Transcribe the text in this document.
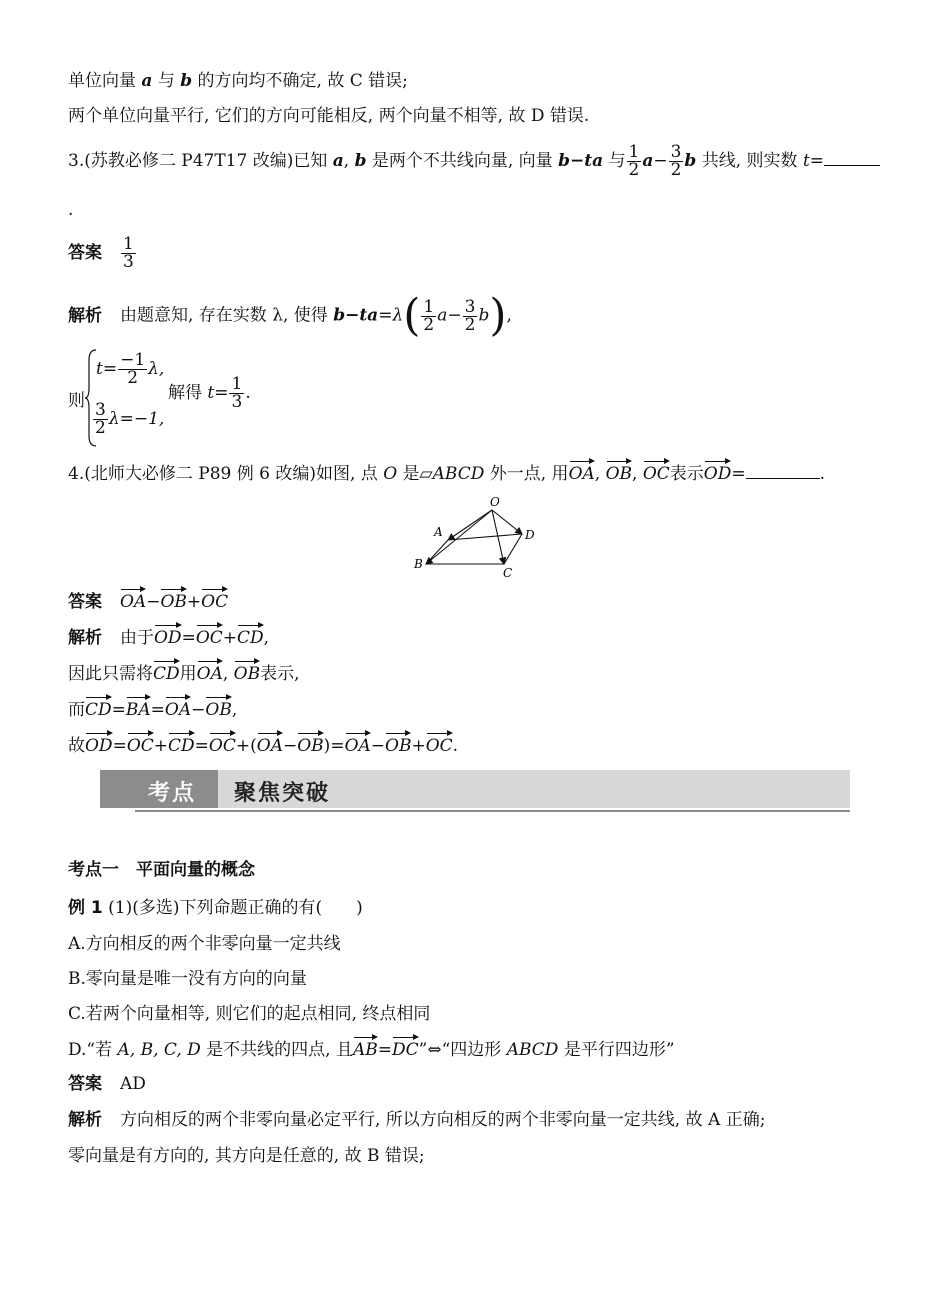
单位向量 a 与 b 的方向均不确定, 故 C 错误;
两个单位向量平行, 它们的方向可能相反, 两个向量不相等, 故 D 错误.
3.(苏教必修二 P47T17 改编)已知 a, b 是两个不共线向量, 向量 b−ta 与 $\frac{1}{2} a- \frac{3}{2}$ b 共线, 则实数 t=
.
答案 $\frac{1}{3}$
解析 由题意知, 存在实数 λ, 使得 $b-ta=\lambda( \frac{1}{2} a- \frac{3}{2} b)$,
则
$t= \frac{-1}{2} \lambda$,
$\frac{3}{2} \lambda=-1$,
解得 $t= \frac{1}{3}$ .
4.(北师大必修二 P89 例 6 改编)如图, 点 O 是▱ABCD 外一点, 用OA, OB, OC表示OD=	.
O
A
B
C
D
答案 OA−OB+OC
解析 由于OD=OC+CD,
因此只需将CD用OA, OB表示,
而CD=BA=OA−OB,
故OD=OC+CD=OC+(OA−OB)=OA−OB+OC.
考点 聚焦突破
考点一　平面向量的概念
例 1 (1)(多选)下列命题正确的有(　　)
A.方向相反的两个非零向量一定共线
B.零向量是唯一没有方向的向量
C.若两个向量相等, 则它们的起点相同, 终点相同
D.“若 A, B, C, D 是不共线的四点, 且AB=DC”⇔“四边形 ABCD 是平行四边形”
答案 AD
解析 方向相反的两个非零向量必定平行, 所以方向相反的两个非零向量一定共线, 故 A 正确;
零向量是有方向的, 其方向是任意的, 故 B 错误;
